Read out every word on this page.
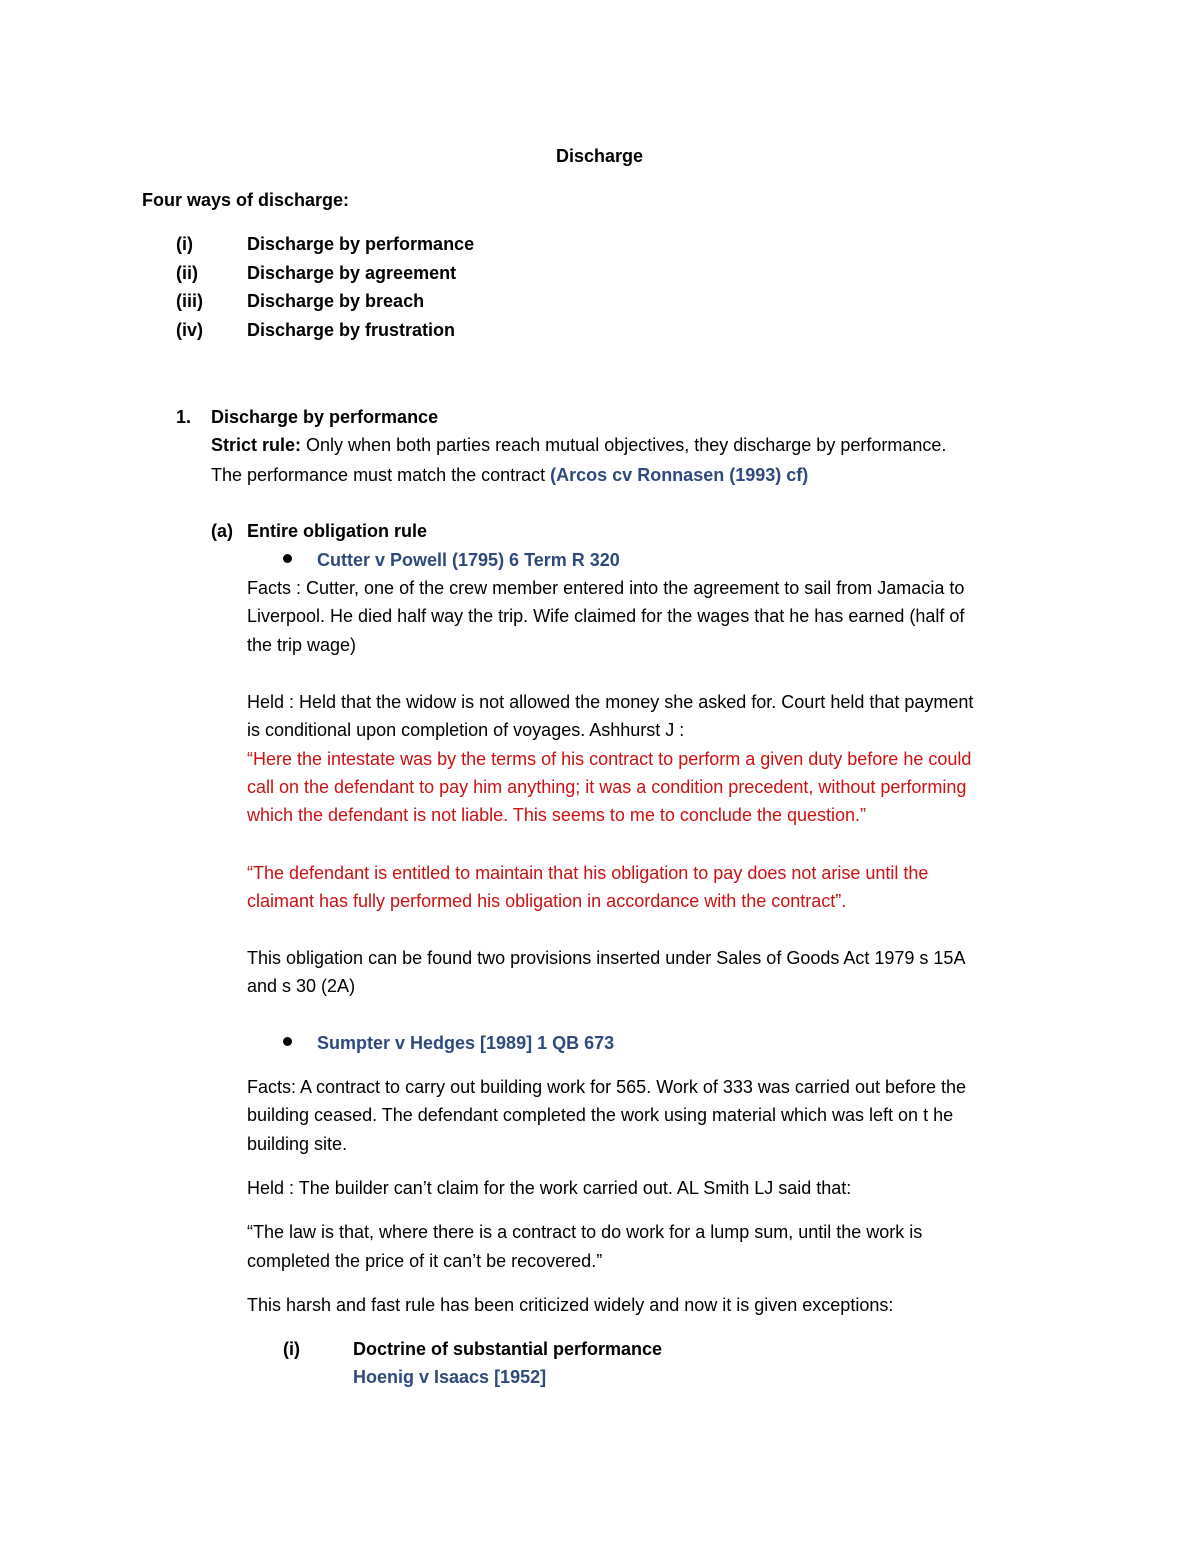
Discharge
Four ways of discharge:
(i)	Discharge by performance
(ii)	Discharge by agreement
(iii) Discharge by breach
(iv) Discharge by frustration
1. Discharge by performance
Strict rule: Only when both parties reach mutual objectives, they discharge by performance.
The performance must match the contract (Arcos cv Ronnasen (1993) cf)
(a) Entire obligation rule
Cutter v Powell (1795) 6 Term R 320
Facts : Cutter, one of the crew member entered into the agreement to sail from Jamacia to
Liverpool. He died half way the trip. Wife claimed for the wages that he has earned (half of
the trip wage)
Held : Held that the widow is not allowed the money she asked for. Court held that payment
is conditional upon completion of voyages. Ashhurst J :
“Here the intestate was by the terms of his contract to perform a given duty before he could
call on the defendant to pay him anything; it was a condition precedent, without performing
which the defendant is not liable. This seems to me to conclude the question.”
“The defendant is entitled to maintain that his obligation to pay does not arise until the
claimant has fully performed his obligation in accordance with the contract”.
This obligation can be found two provisions inserted under Sales of Goods Act 1979 s 15A
and s 30 (2A)
Sumpter v Hedges [1989] 1 QB 673
Facts: A contract to carry out building work for 565. Work of 333 was carried out before the
building ceased. The defendant completed the work using material which was left on t he
building site.
Held : The builder can’t claim for the work carried out. AL Smith LJ said that:
“The law is that, where there is a contract to do work for a lump sum, until the work is
completed the price of it can’t be recovered.”
This harsh and fast rule has been criticized widely and now it is given exceptions:
(i)	Doctrine of substantial performance
Hoenig v Isaacs [1952]
